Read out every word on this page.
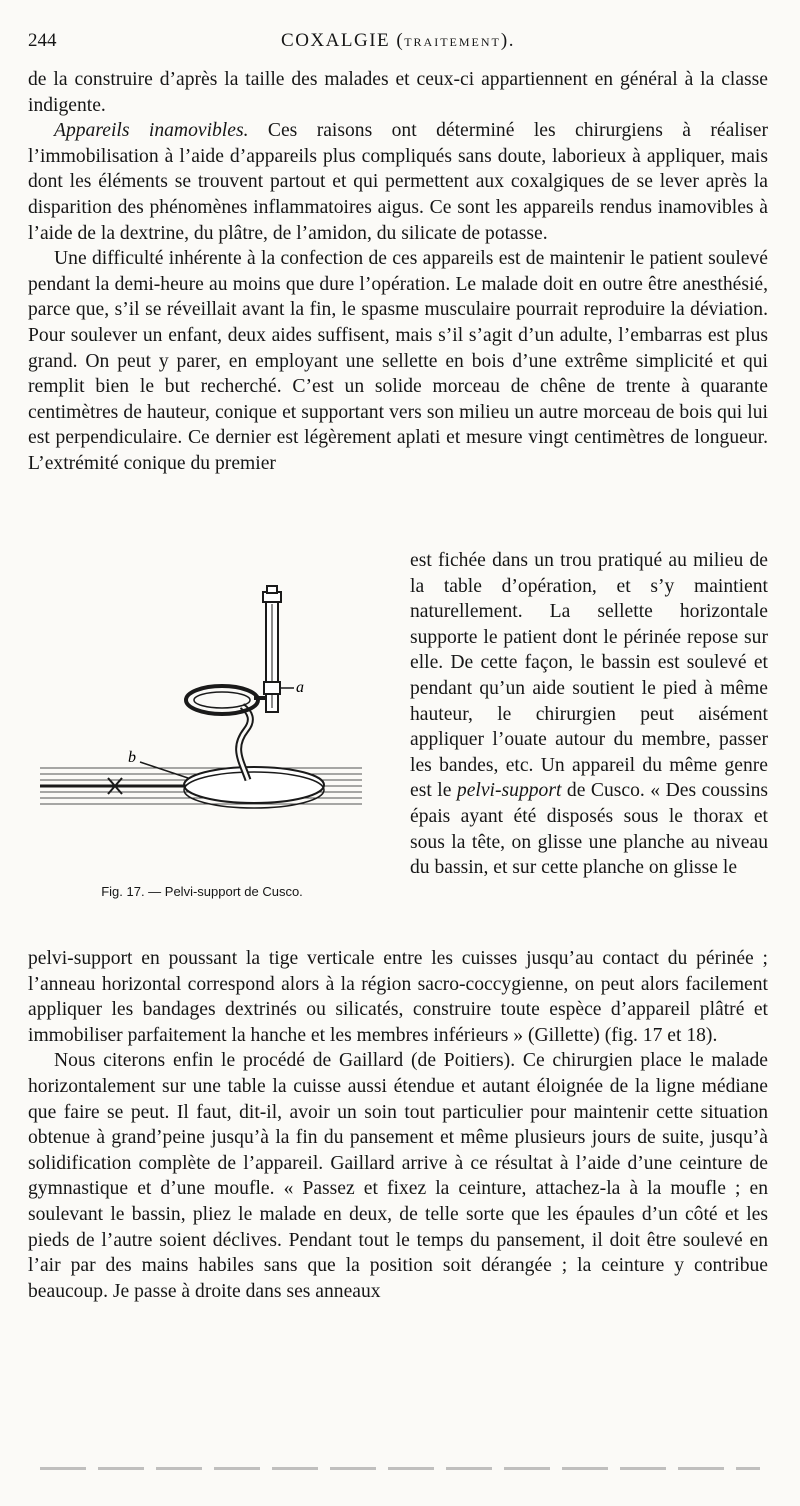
244	COXALGIE (TRAITEMENT).

de la construire d’après la taille des malades et ceux-ci appartiennent en général à la classe indigente.

Appareils inamovibles. Ces raisons ont déterminé les chirurgiens à réaliser l’immobilisation à l’aide d’appareils plus compliqués sans doute, laborieux à appliquer, mais dont les éléments se trouvent partout et qui permettent aux coxalgiques de se lever après la disparition des phénomènes inflammatoires aigus. Ce sont les appareils rendus inamovibles à l’aide de la dextrine, du plâtre, de l’amidon, du silicate de potasse.

Une difficulté inhérente à la confection de ces appareils est de maintenir le patient soulevé pendant la demi-heure au moins que dure l’opération. Le malade doit en outre être anesthésié, parce que, s’il se réveillait avant la fin, le spasme musculaire pourrait reproduire la déviation. Pour soulever un enfant, deux aides suffisent, mais s’il s’agit d’un adulte, l’embarras est plus grand. On peut y parer, en employant une sellette en bois d’une extrême simplicité et qui remplit bien le but recherché. C’est un solide morceau de chêne de trente à quarante centimètres de hauteur, conique et supportant vers son milieu un autre morceau de bois qui lui est perpendiculaire. Ce dernier est légèrement aplati et mesure vingt centimètres de longueur. L’extrémité conique du premier

est fichée dans un trou pratiqué au milieu de la table d’opération, et s’y maintient naturellement. La sellette horizontale supporte le patient dont le périnée repose sur elle. De cette façon, le bassin est soulevé et pendant qu’un aide soutient le pied à même hauteur, le chirurgien peut aisément appliquer l’ouate autour du membre, passer les bandes, etc. Un appareil du même genre est le pelvi-support de Cusco. « Des coussins épais ayant été disposés sous le thorax et sous la tête, on glisse une planche au niveau du bassin, et sur cette planche on glisse le
a
b
Fig. 17. — Pelvi-support de Cusco.

pelvi-support en poussant la tige verticale entre les cuisses jusqu’au contact du périnée ; l’anneau horizontal correspond alors à la région sacro-coccygienne, on peut alors facilement appliquer les bandages dextrinés ou silicatés, construire toute espèce d’appareil plâtré et immobiliser parfaitement la hanche et les membres inférieurs » (Gillette) (fig. 17 et 18).

Nous citerons enfin le procédé de Gaillard (de Poitiers). Ce chirurgien place le malade horizontalement sur une table la cuisse aussi étendue et autant éloignée de la ligne médiane que faire se peut. Il faut, dit-il, avoir un soin tout particulier pour maintenir cette situation obtenue à grand’peine jusqu’à la fin du pansement et même plusieurs jours de suite, jusqu’à solidification complète de l’appareil. Gaillard arrive à ce résultat à l’aide d’une ceinture de gymnastique et d’une moufle. « Passez et fixez la ceinture, attachez-la à la moufle ; en soulevant le bassin, pliez le malade en deux, de telle sorte que les épaules d’un côté et les pieds de l’autre soient déclives. Pendant tout le temps du pansement, il doit être soulevé en l’air par des mains habiles sans que la position soit dérangée ; la ceinture y contribue beaucoup. Je passe à droite dans ses anneaux
